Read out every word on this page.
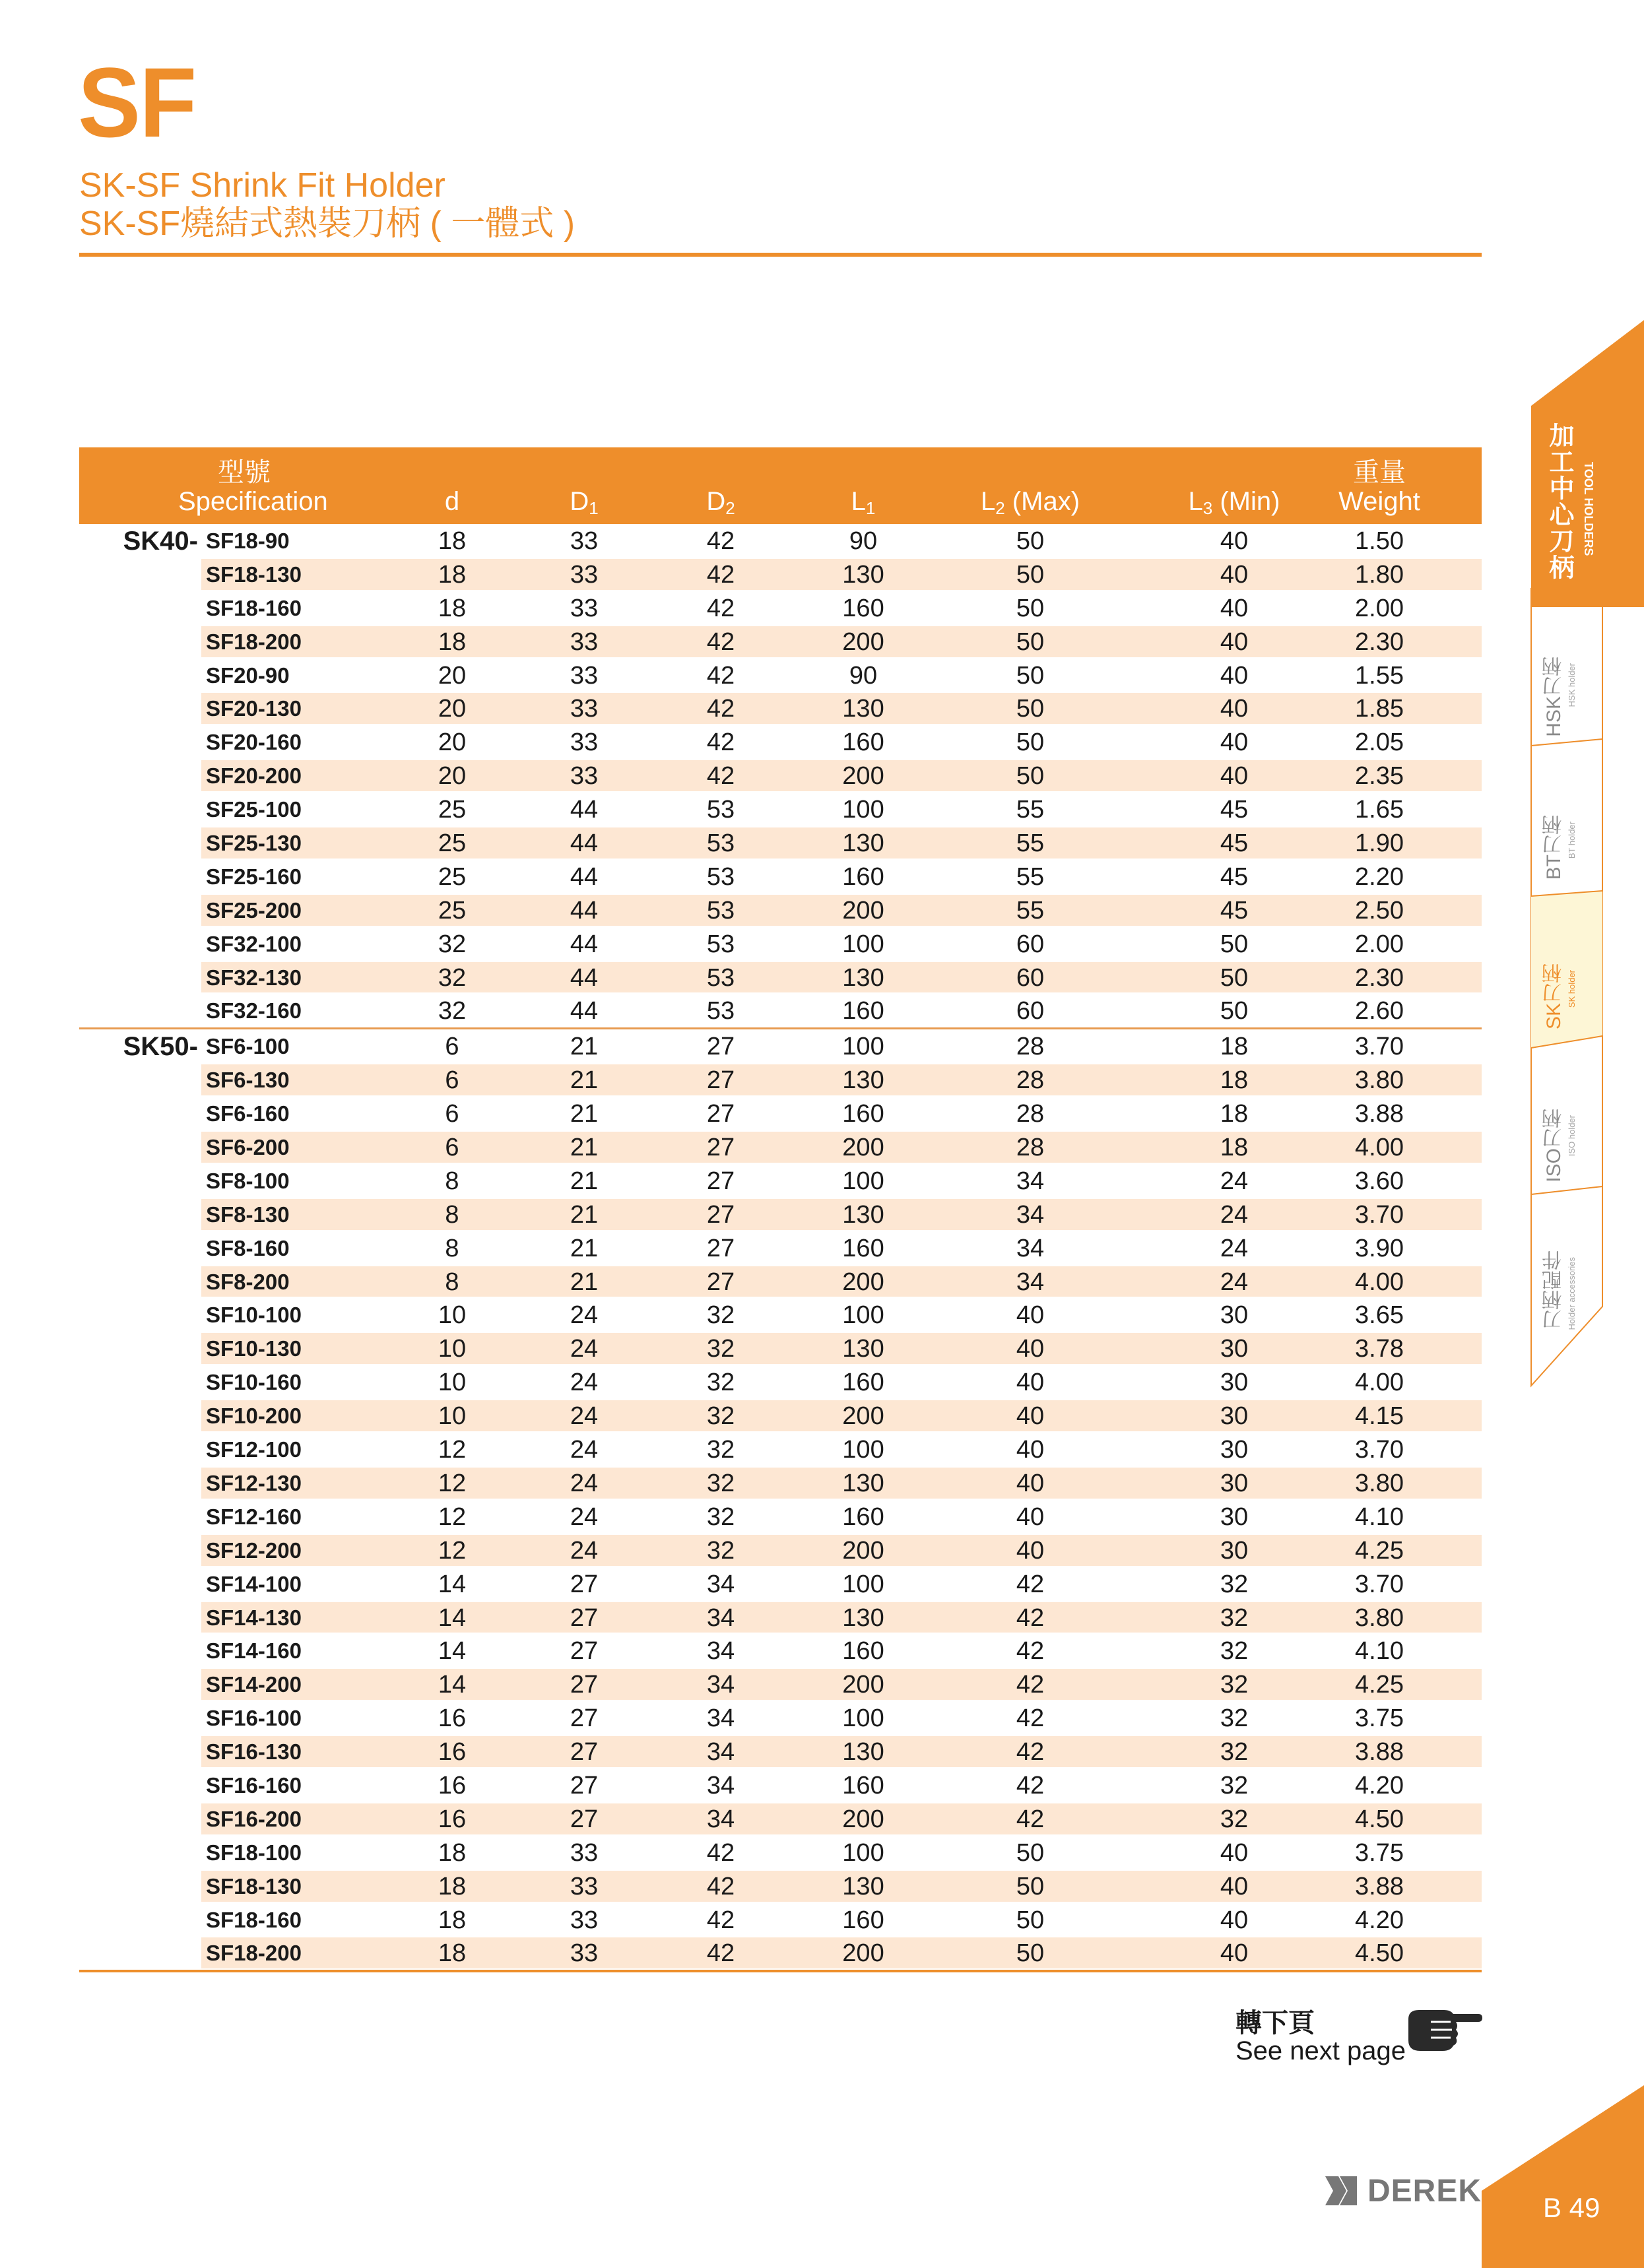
SF
SK-SF Shrink Fit Holder
SK-SF燒結式熱裝刀柄 ( 一體式 )
型號
Specification	d	$D_1$	$D_2$	$L_1$	$L_2$ (Max)	$L_3$ (Min)
重量
Weight
SK40- SF18-90	18	33	42	90	50	40	1.50
SF18-130	18	33	42	130	50	40	1.80
SF18-160	18	33	42	160	50	40	2.00
SF18-200	18	33	42	200	50	40	2.30
SF20-90	20	33	42	90	50	40	1.55
SF20-130	20	33	42	130	50	40	1.85
SF20-160	20	33	42	160	50	40	2.05
SF20-200	20	33	42	200	50	40	2.35
SF25-100	25	44	53	100	55	45	1.65
SF25-130	25	44	53	130	55	45	1.90
SF25-160	25	44	53	160	55	45	2.20
SF25-200	25	44	53	200	55	45	2.50
SF32-100	32	44	53	100	60	50	2.00
SF32-130	32	44	53	130	60	50	2.30
SF32-160	32	44	53	160	60	50	2.60
SK50- SF6-100	6	21	27	100	28	18	3.70
SF6-130	6	21	27	130	28	18	3.80
SF6-160	6	21	27	160	28	18	3.88
SF6-200	6	21	27	200	28	18	4.00
SF8-100	8	21	27	100	34	24	3.60
SF8-130	8	21	27	130	34	24	3.70
SF8-160	8	21	27	160	34	24	3.90
SF8-200	8	21	27	200	34	24	4.00
SF10-100	10	24	32	100	40	30	3.65
SF10-130	10	24	32	130	40	30	3.78
SF10-160	10	24	32	160	40	30	4.00
SF10-200	10	24	32	200	40	30	4.15
SF12-100	12	24	32	100	40	30	3.70
SF12-130	12	24	32	130	40	30	3.80
SF12-160	12	24	32	160	40	30	4.10
SF12-200	12	24	32	200	40	30	4.25
SF14-100	14	27	34	100	42	32	3.70
SF14-130	14	27	34	130	42	32	3.80
SF14-160	14	27	34	160	42	32	4.10
SF14-200	14	27	34	200	42	32	4.25
SF16-100	16	27	34	100	42	32	3.75
SF16-130	16	27	34	130	42	32	3.88
SF16-160	16	27	34	160	42	32	4.20
SF16-200	16	27	34	200	42	32	4.50
SF18-100	18	33	42	100	50	40	3.75
SF18-130	18	33	42	130	50	40	3.88
SF18-160	18	33	42	160	50	40	4.20
SF18-200	18	33	42	200	50	40	4.50
轉下頁
See next page
加工中心刀柄 TOOL HOLDERS
HSK刀柄 HSK holder
BT刀柄 BT holder
SK刀柄 SK holder
ISO刀柄 ISO holder
刀柄配件 Holder accessories
DEREK B 49
